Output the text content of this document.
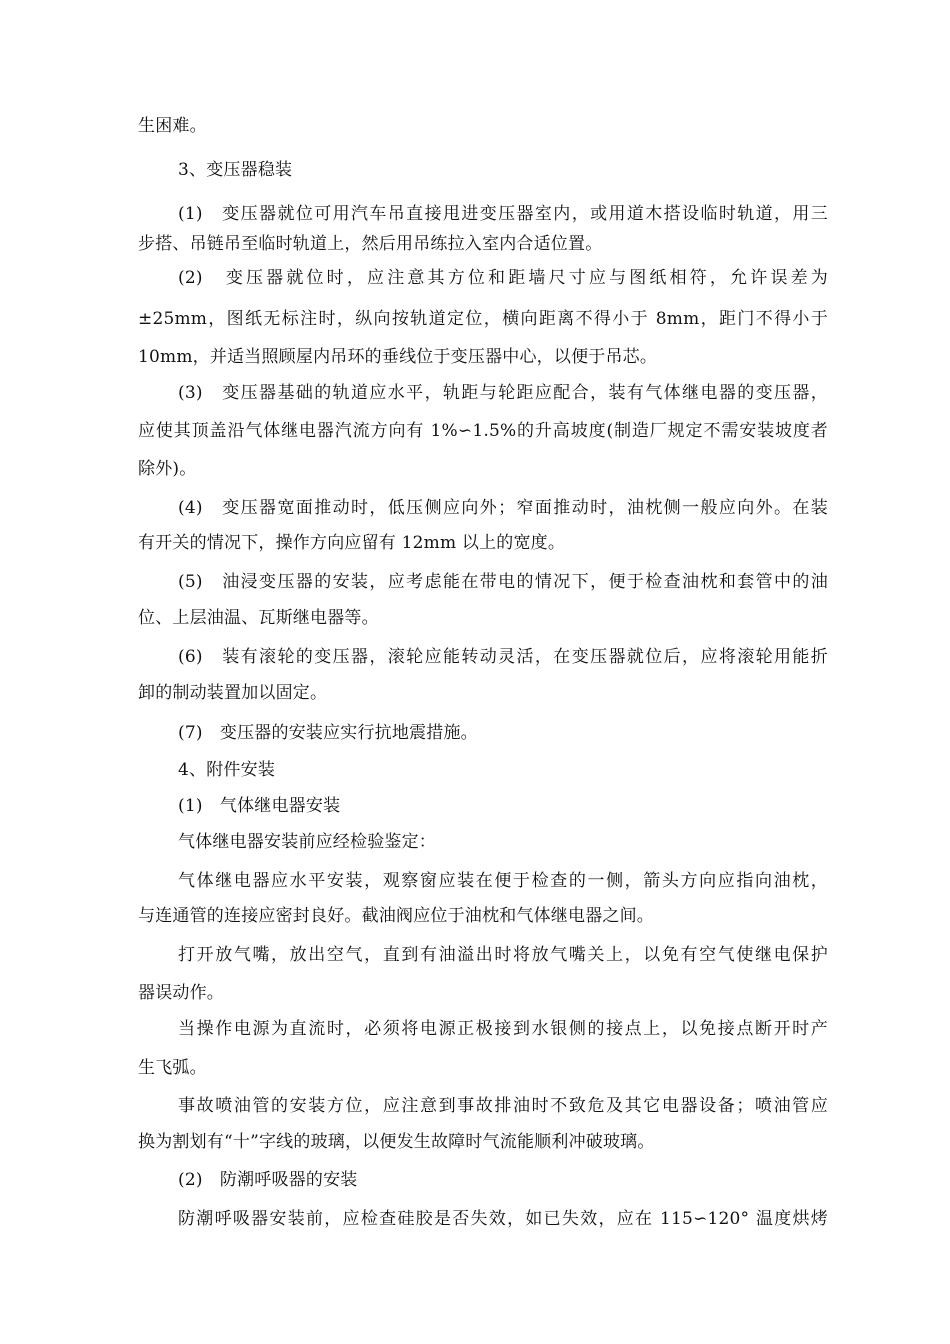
生困难。
3、变压器稳装
(1)　变压器就位可用汽车吊直接甩进变压器室内，或用道木搭设临时轨道，用三
步搭、吊链吊至临时轨道上，然后用吊练拉入室内合适位置。
(2)　变压器就位时，应注意其方位和距墙尺寸应与图纸相符，允许误差为
±25mm，图纸无标注时，纵向按轨道定位，横向距离不得小于 8mm，距门不得小于
10mm，并适当照顾屋内吊环的垂线位于变压器中心，以便于吊芯。
(3)　变压器基础的轨道应水平，轨距与轮距应配合，装有气体继电器的变压器，
应使其顶盖沿气体继电器汽流方向有 1%∽1.5%的升高坡度(制造厂规定不需安装坡度者
除外)。
(4)　变压器宽面推动时，低压侧应向外；窄面推动时，油枕侧一般应向外。在装
有开关的情况下，操作方向应留有 12mm 以上的宽度。
(5)　油浸变压器的安装，应考虑能在带电的情况下，便于检查油枕和套管中的油
位、上层油温、瓦斯继电器等。
(6)　装有滚轮的变压器，滚轮应能转动灵活，在变压器就位后，应将滚轮用能折
卸的制动装置加以固定。
(7)　变压器的安装应实行抗地震措施。
4、附件安装
(1)　气体继电器安装
气体继电器安装前应经检验鉴定：
气体继电器应水平安装，观察窗应装在便于检查的一侧，箭头方向应指向油枕，
与连通管的连接应密封良好。截油阀应位于油枕和气体继电器之间。
打开放气嘴，放出空气，直到有油溢出时将放气嘴关上，以免有空气使继电保护
器误动作。
当操作电源为直流时，必须将电源正极接到水银侧的接点上，以免接点断开时产
生飞弧。
事故喷油管的安装方位，应注意到事故排油时不致危及其它电器设备；喷油管应
换为割划有“十”字线的玻璃，以便发生故障时气流能顺利冲破玻璃。
(2)　防潮呼吸器的安装
防潮呼吸器安装前，应检查硅胶是否失效，如已失效，应在 115∽120° 温度烘烤
